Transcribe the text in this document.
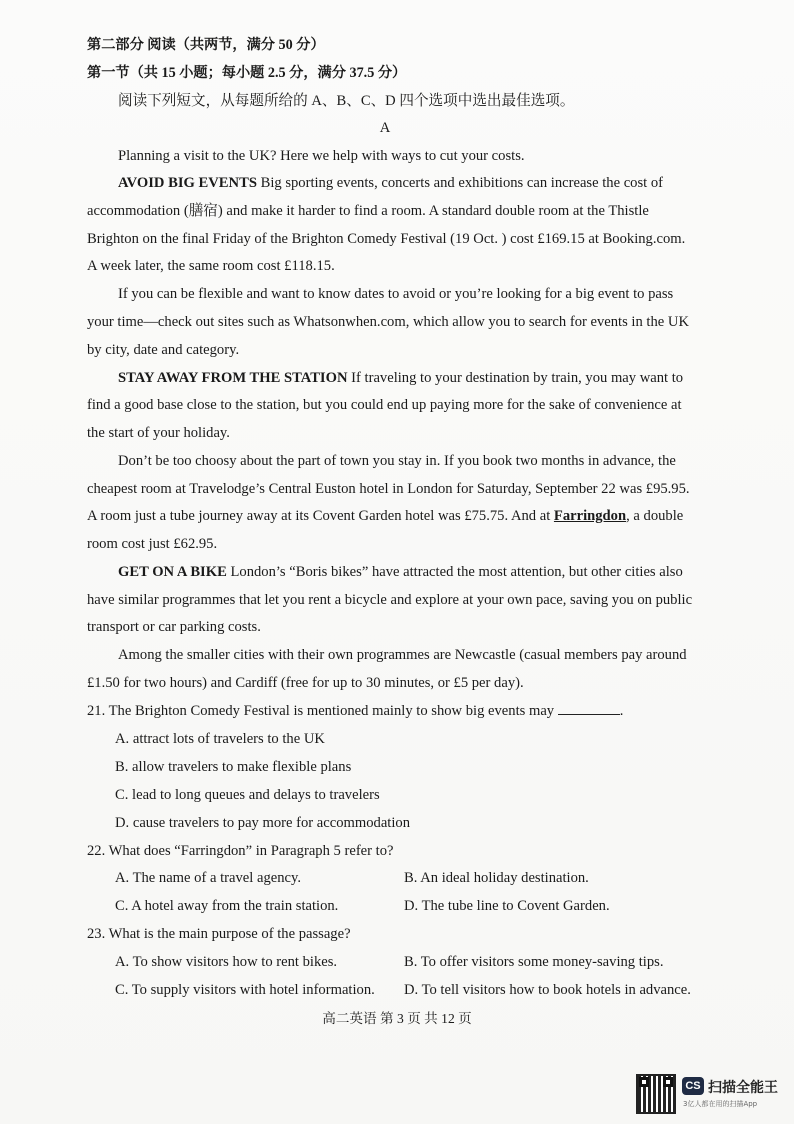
第二部分 阅读（共两节，满分 50 分）
第一节（共 15 小题；每小题 2.5 分，满分 37.5 分）
阅读下列短文，从每题所给的 A、B、C、D 四个选项中选出最佳选项。
A
Planning a visit to the UK? Here we help with ways to cut your costs.
AVOID BIG EVENTS Big sporting events, concerts and exhibitions can increase the cost of
accommodation (膳宿) and make it harder to find a room. A standard double room at the Thistle
Brighton on the final Friday of the Brighton Comedy Festival (19 Oct. ) cost £169.15 at Booking.com.
A week later, the same room cost £118.15.
If you can be flexible and want to know dates to avoid or you’re looking for a big event to pass
your time—check out sites such as Whatsonwhen.com, which allow you to search for events in the UK
by city, date and category.
STAY AWAY FROM THE STATION If traveling to your destination by train, you may want to
find a good base close to the station, but you could end up paying more for the sake of convenience at
the start of your holiday.
Don’t be too choosy about the part of town you stay in. If you book two months in advance, the
cheapest room at Travelodge’s Central Euston hotel in London for Saturday, September 22 was £95.95.
A room just a tube journey away at its Covent Garden hotel was £75.75. And at Farringdon, a double
room cost just £62.95.
GET ON A BIKE London’s “Boris bikes” have attracted the most attention, but other cities also
have similar programmes that let you rent a bicycle and explore at your own pace, saving you on public
transport or car parking costs.
Among the smaller cities with their own programmes are Newcastle (casual members pay around
£1.50 for two hours) and Cardiff (free for up to 30 minutes, or £5 per day).
21. The Brighton Comedy Festival is mentioned mainly to show big events may	.
A. attract lots of travelers to the UK
B. allow travelers to make flexible plans
C. lead to long queues and delays to travelers
D. cause travelers to pay more for accommodation
22. What does “Farringdon” in Paragraph 5 refer to?
A. The name of a travel agency.	B. An ideal holiday destination.
C. A hotel away from the train station.	D. The tube line to Covent Garden.
23. What is the main purpose of the passage?
A. To show visitors how to rent bikes.	B. To offer visitors some money-saving tips.
C. To supply visitors with hotel information. D. To tell visitors how to book hotels in advance.
高二英语 第 3 页 共 12 页
CS 扫描全能王
3亿人都在用的扫描App
